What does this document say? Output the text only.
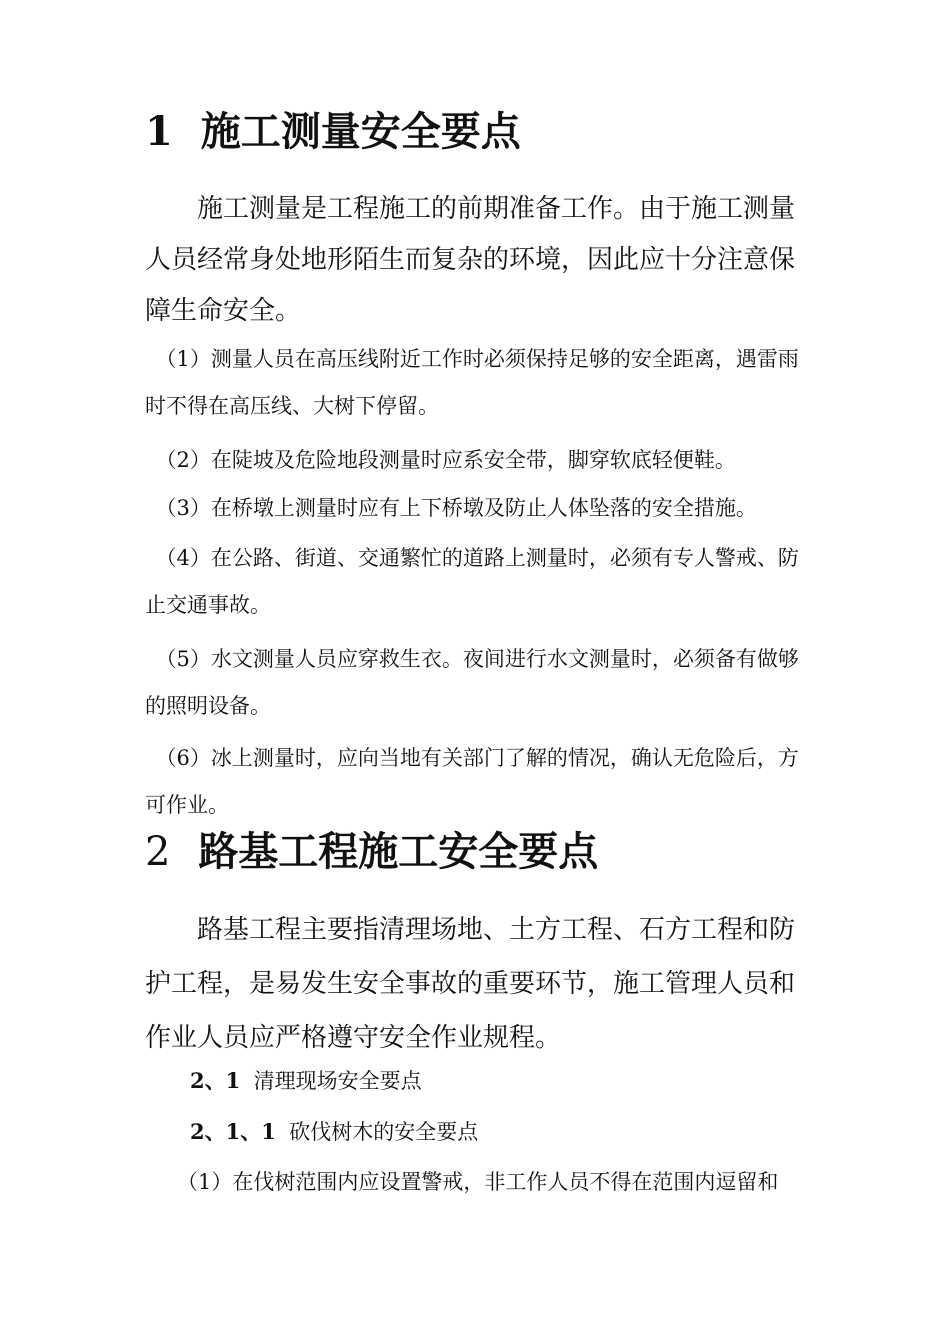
1 施工测量安全要点

　　施工测量是工程施工的前期准备工作。由于施工测量人员经常身处地形陌生而复杂的环境，因此应十分注意保障生命安全。

　（1）测量人员在高压线附近工作时必须保持足够的安全距离，遇雷雨时不得在高压线、大树下停留。

　（2）在陡坡及危险地段测量时应系安全带，脚穿软底轻便鞋。

　（3）在桥墩上测量时应有上下桥墩及防止人体坠落的安全措施。

　（4）在公路、街道、交通繁忙的道路上测量时，必须有专人警戒、防止交通事故。

　（5）水文测量人员应穿救生衣。夜间进行水文测量时，必须备有做够的照明设备。

　（6）冰上测量时，应向当地有关部门了解的情况，确认无危险后，方可作业。

2 路基工程施工安全要点

　　路基工程主要指清理场地、土方工程、石方工程和防护工程，是易发生安全事故的重要环节，施工管理人员和作业人员应严格遵守安全作业规程。

2、1 清理现场安全要点

2、1、1 砍伐树木的安全要点

（1）在伐树范围内应设置警戒，非工作人员不得在范围内逗留和
